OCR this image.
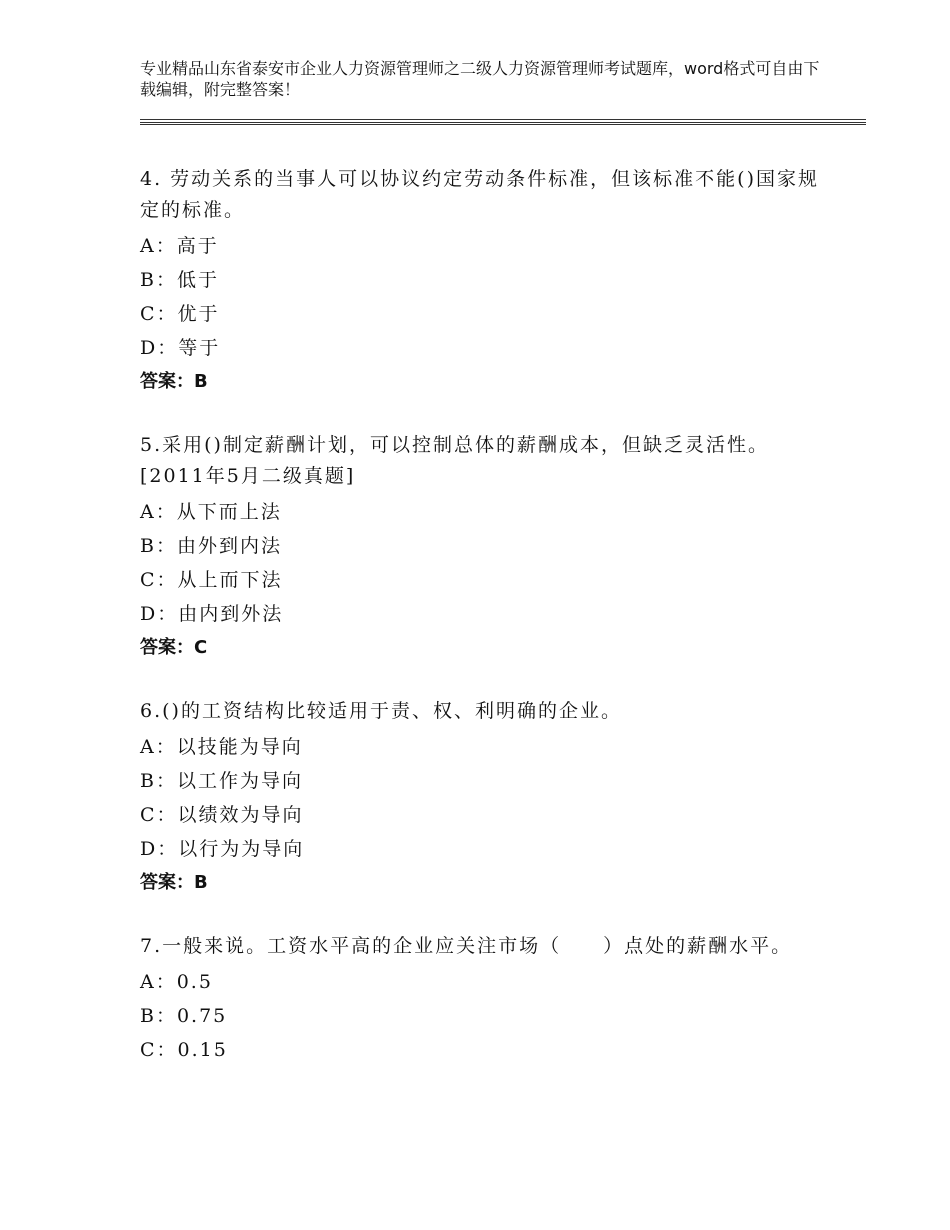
专业精品山东省泰安市企业人力资源管理师之二级人力资源管理师考试题库，word格式可自由下载编辑，附完整答案！
4. 劳动关系的当事人可以协议约定劳动条件标准，但该标准不能()国家规定的标准。
A：高于
B：低于
C：优于
D：等于
答案：B
5.采用()制定薪酬计划，可以控制总体的薪酬成本，但缺乏灵活性。[2011年5月二级真题]
A：从下而上法
B：由外到内法
C：从上而下法
D：由内到外法
答案：C
6.()的工资结构比较适用于责、权、利明确的企业。
A：以技能为导向
B：以工作为导向
C：以绩效为导向
D：以行为为导向
答案：B
7.一般来说。工资水平高的企业应关注市场（　　）点处的薪酬水平。
A：0.5
B：0.75
C：0.15
